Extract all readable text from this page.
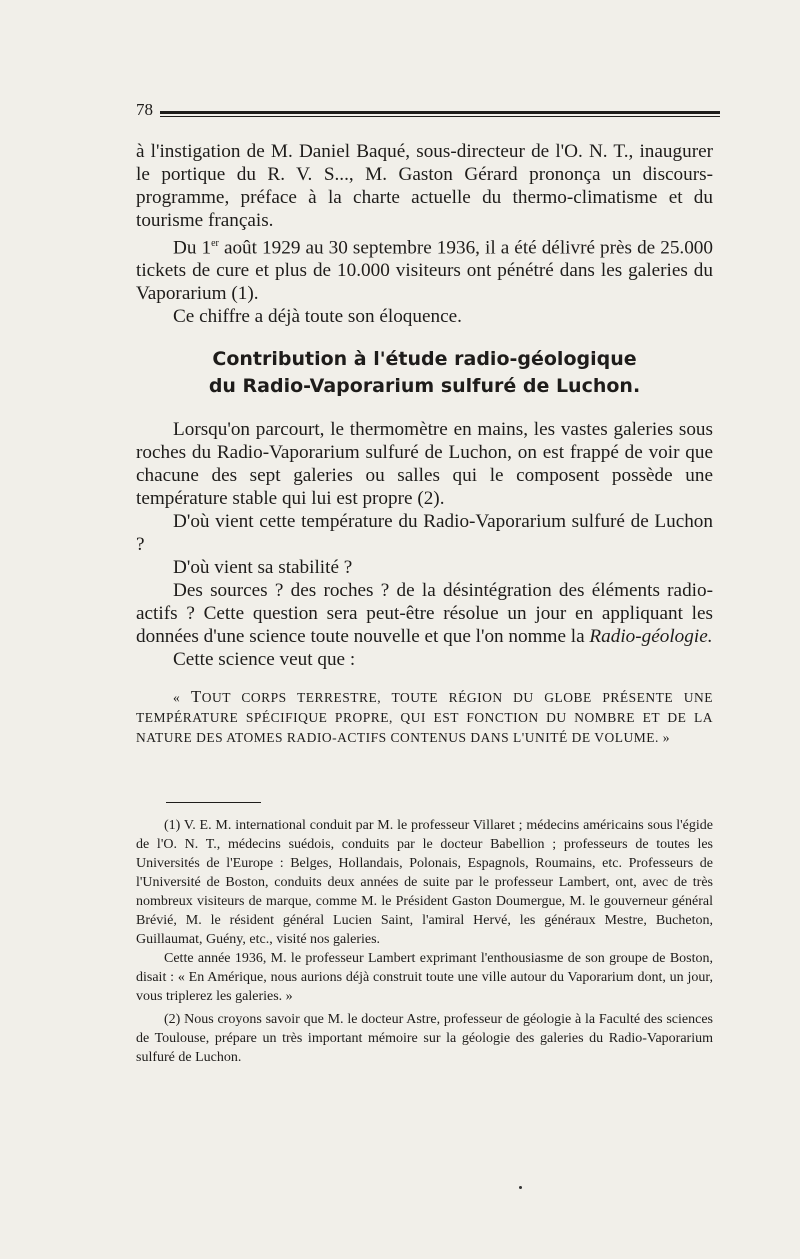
78

à l'instigation de M. Daniel Baqué, sous-directeur de l'O. N. T., inaugurer le portique du R. V. S..., M. Gaston Gérard prononça un discours-programme, préface à la charte actuelle du thermo-climatisme et du tourisme français.

Du 1er août 1929 au 30 septembre 1936, il a été délivré près de 25.000 tickets de cure et plus de 10.000 visiteurs ont pénétré dans les galeries du Vaporarium (1).

Ce chiffre a déjà toute son éloquence.

Contribution à l'étude radio-géologique

du Radio-Vaporarium sulfuré de Luchon.

Lorsqu'on parcourt, le thermomètre en mains, les vastes galeries sous roches du Radio-Vaporarium sulfuré de Luchon, on est frappé de voir que chacune des sept galeries ou salles qui le composent possède une température stable qui lui est propre (2).

D'où vient cette température du Radio-Vaporarium sulfuré de Luchon ?

D'où vient sa stabilité ?

Des sources ? des roches ? de la désintégration des éléments radio-actifs ? Cette question sera peut-être résolue un jour en appliquant les données d'une science toute nouvelle et que l'on nomme la Radio-géologie.

Cette science veut que :

« TOUT CORPS TERRESTRE, TOUTE RÉGION DU GLOBE PRÉSENTE UNE TEMPÉRATURE SPÉCIFIQUE PROPRE, QUI EST FONCTION DU NOMBRE ET DE LA NATURE DES ATOMES RADIO-ACTIFS CONTENUS DANS L'UNITÉ DE VOLUME. »

(1) V. E. M. international conduit par M. le professeur Villaret ; médecins américains sous l'égide de l'O. N. T., médecins suédois, conduits par le docteur Babellion ; professeurs de toutes les Universités de l'Europe : Belges, Hollandais, Polonais, Espagnols, Roumains, etc. Professeurs de l'Université de Boston, conduits deux années de suite par le professeur Lambert, ont, avec de très nombreux visiteurs de marque, comme M. le Président Gaston Doumergue, M. le gouverneur général Brévié, M. le résident général Lucien Saint, l'amiral Hervé, les généraux Mestre, Bucheton, Guillaumat, Guény, etc., visité nos galeries.

Cette année 1936, M. le professeur Lambert exprimant l'enthousiasme de son groupe de Boston, disait : « En Amérique, nous aurions déjà construit toute une ville autour du Vaporarium dont, un jour, vous triplerez les galeries. »

(2) Nous croyons savoir que M. le docteur Astre, professeur de géologie à la Faculté des sciences de Toulouse, prépare un très important mémoire sur la géologie des galeries du Radio-Vaporarium sulfuré de Luchon.
